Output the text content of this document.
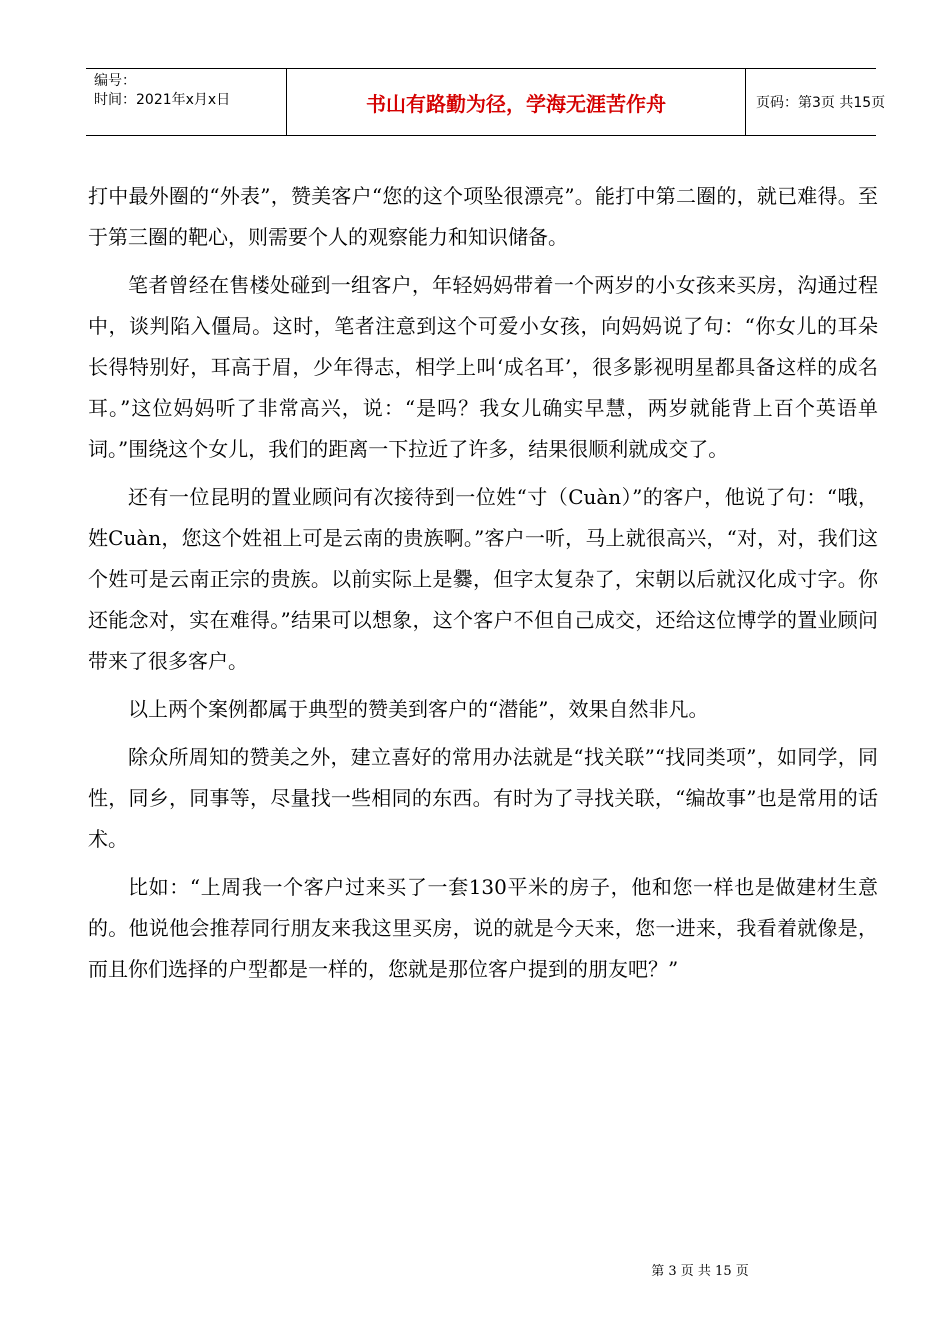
编号：
时间：2021年x月x日	书山有路勤为径，学海无涯苦作舟	页码：第3页 共15页

打中最外圈的“外表”，赞美客户“您的这个项坠很漂亮”。能打中第二圈的，就已难得。至于第三圈的靶心，则需要个人的观察能力和知识储备。

笔者曾经在售楼处碰到一组客户，年轻妈妈带着一个两岁的小女孩来买房，沟通过程中，谈判陷入僵局。这时，笔者注意到这个可爱小女孩，向妈妈说了句：“你女儿的耳朵长得特别好，耳高于眉，少年得志，相学上叫‘成名耳’，很多影视明星都具备这样的成名耳。”这位妈妈听了非常高兴，说：“是吗？我女儿确实早慧，两岁就能背上百个英语单词。”围绕这个女儿，我们的距离一下拉近了许多，结果很顺利就成交了。

还有一位昆明的置业顾问有次接待到一位姓“寸（Cuàn）”的客户，他说了句：“哦，姓Cuàn，您这个姓祖上可是云南的贵族啊。”客户一听，马上就很高兴，“对，对，我们这个姓可是云南正宗的贵族。以前实际上是爨，但字太复杂了，宋朝以后就汉化成寸字。你还能念对，实在难得。”结果可以想象，这个客户不但自己成交，还给这位博学的置业顾问带来了很多客户。

以上两个案例都属于典型的赞美到客户的“潜能”，效果自然非凡。

除众所周知的赞美之外，建立喜好的常用办法就是“找关联”“找同类项”，如同学，同性，同乡，同事等，尽量找一些相同的东西。有时为了寻找关联，“编故事”也是常用的话术。

比如：“上周我一个客户过来买了一套130平米的房子，他和您一样也是做建材生意的。他说他会推荐同行朋友来我这里买房，说的就是今天来，您一进来，我看着就像是，而且你们选择的户型都是一样的，您就是那位客户提到的朋友吧？”

第 3 页 共 15 页
